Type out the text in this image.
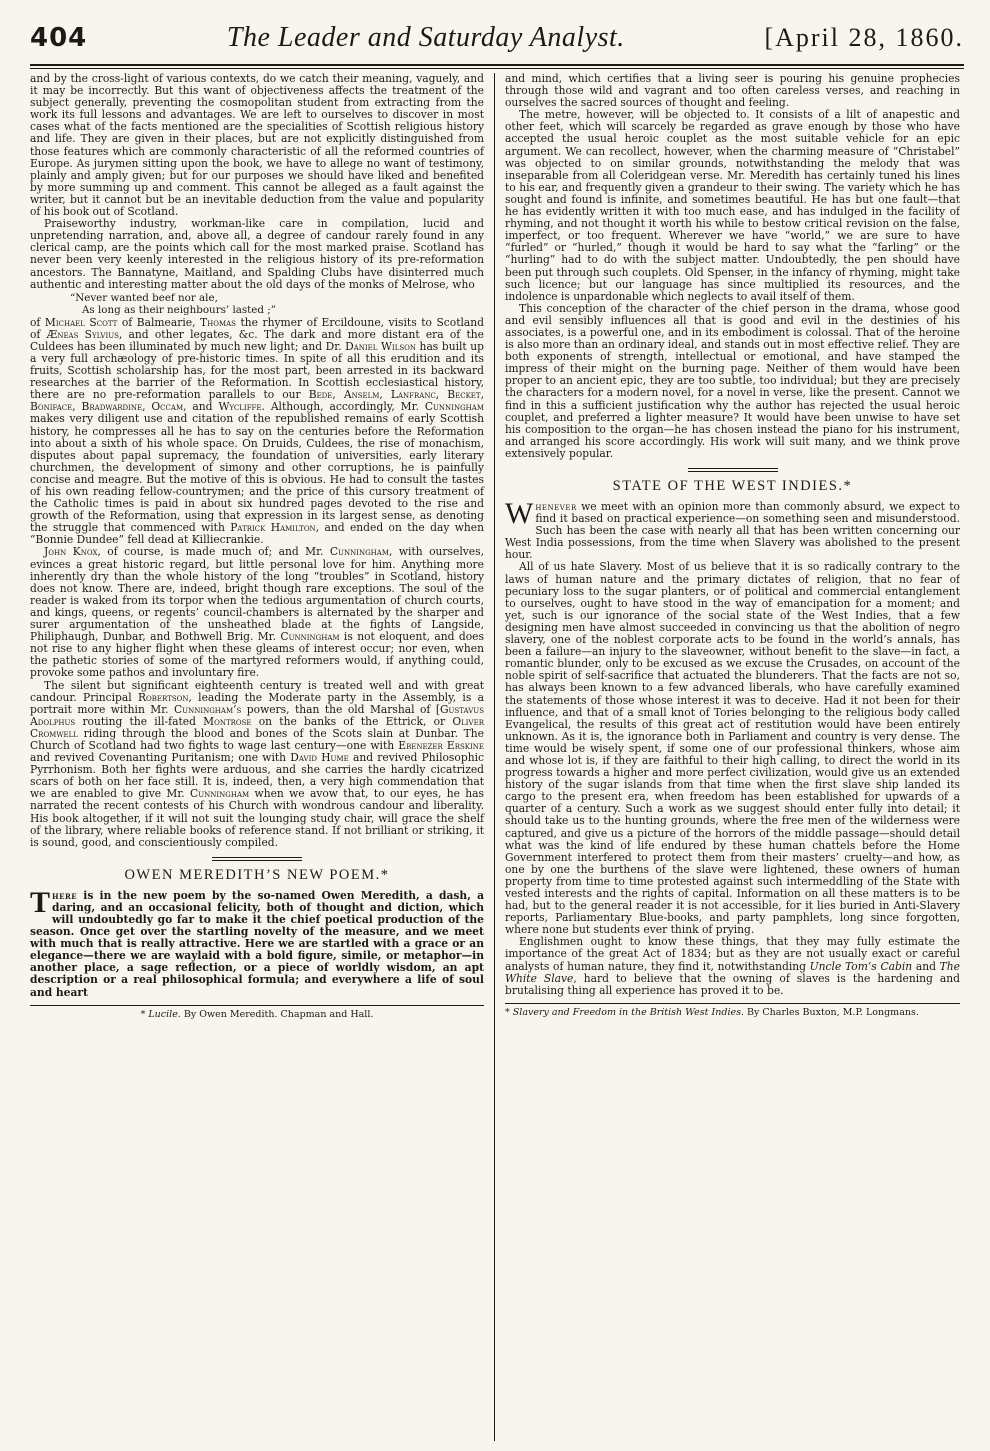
404	The Leader and Saturday Analyst.	[April 28, 1860.

and by the cross-light of various contexts, do we catch their meaning, vaguely, and it may be incorrectly. But this want of objectiveness affects the treatment of the subject generally, preventing the cosmopolitan student from extracting from the work its full lessons and advantages. We are left to ourselves to discover in most cases what of the facts mentioned are the specialities of Scottish religious history and life. They are given in their places, but are not explicitly distinguished from those features which are commonly characteristic of all the reformed countries of Europe. As jurymen sitting upon the book, we have to allege no want of testimony, plainly and amply given; but for our purposes we should have liked and benefited by more summing up and comment. This cannot be alleged as a fault against the writer, but it cannot but be an inevitable deduction from the value and popularity of his book out of Scotland.

Praiseworthy industry, workman-like care in compilation, lucid and unpretending narration, and, above all, a degree of candour rarely found in any clerical camp, are the points which call for the most marked praise. Scotland has never been very keenly interested in the religious history of its pre-reformation ancestors. The Bannatyne, Maitland, and Spalding Clubs have disinterred much authentic and interesting matter about the old days of the monks of Melrose, who

“Never wanted beef nor ale,
As long as their neighbours’ lasted ;”

of Michael Scott of Balmearie, Thomas the rhymer of Ercildoune, visits to Scotland of Æneas Sylvius, and other legates, &c. The dark and more distant era of the Culdees has been illuminated by much new light; and Dr. Daniel Wilson has built up a very full archæology of pre-historic times. In spite of all this erudition and its fruits, Scottish scholarship has, for the most part, been arrested in its backward researches at the barrier of the Reformation. In Scottish ecclesiastical history, there are no pre-reformation parallels to our Bede, Anselm, Lanfranc, Becket, Boniface, Bradwardine, Occam, and Wycliffe. Although, accordingly, Mr. Cunningham makes very diligent use and citation of the republished remains of early Scottish history, he compresses all he has to say on the centuries before the Reformation into about a sixth of his whole space. On Druids, Culdees, the rise of monachism, disputes about papal supremacy, the foundation of universities, early literary churchmen, the development of simony and other corruptions, he is painfully concise and meagre. But the motive of this is obvious. He had to consult the tastes of his own reading fellow-countrymen; and the price of this cursory treatment of the Catholic times is paid in about six hundred pages devoted to the rise and growth of the Reformation, using that expression in its largest sense, as denoting the struggle that commenced with Patrick Hamilton, and ended on the day when “Bonnie Dundee” fell dead at Killiecrankie.

John Knox, of course, is made much of; and Mr. Cunningham, with ourselves, evinces a great historic regard, but little personal love for him. Anything more inherently dry than the whole history of the long “troubles” in Scotland, history does not know. There are, indeed, bright though rare exceptions. The soul of the reader is waked from its torpor when the tedious argumentation of church courts, and kings, queens, or regents’ council-chambers is alternated by the sharper and surer argumentation of the unsheathed blade at the fights of Langside, Philiphaugh, Dunbar, and Bothwell Brig. Mr. Cunningham is not eloquent, and does not rise to any higher flight when these gleams of interest occur; nor even, when the pathetic stories of some of the martyred reformers would, if anything could, provoke some pathos and involuntary fire.

The silent but significant eighteenth century is treated well and with great candour. Principal Robertson, leading the Moderate party in the Assembly, is a portrait more within Mr. Cunningham’s powers, than the old Marshal of [Gustavus Adolphus routing the ill-fated Montrose on the banks of the Ettrick, or Oliver Cromwell riding through the blood and bones of the Scots slain at Dunbar. The Church of Scotland had two fights to wage last century—one with Ebenezer Erskine and revived Covenanting Puritanism; one with David Hume and revived Philosophic Pyrrhonism. Both her fights were arduous, and she carries the hardly cicatrized scars of both on her face still. It is, indeed, then, a very high commendation that we are enabled to give Mr. Cunningham when we avow that, to our eyes, he has narrated the recent contests of his Church with wondrous candour and liberality. His book altogether, if it will not suit the lounging study chair, will grace the shelf of the library, where reliable books of reference stand. If not brilliant or striking, it is sound, good, and conscientiously compiled.

OWEN MEREDITH’S NEW POEM.*

There is in the new poem by the so-named Owen Meredith, a dash, a daring, and an occasional felicity, both of thought and diction, which will undoubtedly go far to make it the chief poetical production of the season. Once get over the startling novelty of the measure, and we meet with much that is really attractive. Here we are startled with a grace or an elegance—there we are waylaid with a bold figure, simile, or metaphor—in another place, a sage reflection, or a piece of worldly wisdom, an apt description or a real philosophical formula; and everywhere a life of soul and heart

* Lucile. By Owen Meredith. Chapman and Hall.

and mind, which certifies that a living seer is pouring his genuine prophecies through those wild and vagrant and too often careless verses, and reaching in ourselves the sacred sources of thought and feeling.

The metre, however, will be objected to. It consists of a lilt of anapestic and other feet, which will scarcely be regarded as grave enough by those who have accepted the usual heroic couplet as the most suitable vehicle for an epic argument. We can recollect, however, when the charming measure of “Christabel” was objected to on similar grounds, notwithstanding the melody that was inseparable from all Coleridgean verse. Mr. Meredith has certainly tuned his lines to his ear, and frequently given a grandeur to their swing. The variety which he has sought and found is infinite, and sometimes beautiful. He has but one fault—that he has evidently written it with too much ease, and has indulged in the facility of rhyming, and not thought it worth his while to bestow critical revision on the false, imperfect, or too frequent. Wherever we have “world,” we are sure to have “furled” or “hurled,” though it would be hard to say what the “farling” or the “hurling” had to do with the subject matter. Undoubtedly, the pen should have been put through such couplets. Old Spenser, in the infancy of rhyming, might take such licence; but our language has since multiplied its resources, and the indolence is unpardonable which neglects to avail itself of them.

This conception of the character of the chief person in the drama, whose good and evil sensibly influences all that is good and evil in the destinies of his associates, is a powerful one, and in its embodiment is colossal. That of the heroine is also more than an ordinary ideal, and stands out in most effective relief. They are both exponents of strength, intellectual or emotional, and have stamped the impress of their might on the burning page. Neither of them would have been proper to an ancient epic, they are too subtle, too individual; but they are precisely the characters for a modern novel, for a novel in verse, like the present. Cannot we find in this a sufficient justification why the author has rejected the usual heroic couplet, and preferred a lighter measure? It would have been unwise to have set his composition to the organ—he has chosen instead the piano for his instrument, and arranged his score accordingly. His work will suit many, and we think prove extensively popular.

STATE OF THE WEST INDIES.*

Whenever we meet with an opinion more than commonly absurd, we expect to find it based on practical experience—on something seen and misunderstood. Such has been the case with nearly all that has been written concerning our West India possessions, from the time when Slavery was abolished to the present hour.

All of us hate Slavery. Most of us believe that it is so radically contrary to the laws of human nature and the primary dictates of religion, that no fear of pecuniary loss to the sugar planters, or of political and commercial entanglement to ourselves, ought to have stood in the way of emancipation for a moment; and yet, such is our ignorance of the social state of the West Indies, that a few designing men have almost succeeded in convincing us that the abolition of negro slavery, one of the noblest corporate acts to be found in the world’s annals, has been a failure—an injury to the slaveowner, without benefit to the slave—in fact, a romantic blunder, only to be excused as we excuse the Crusades, on account of the noble spirit of self-sacrifice that actuated the blunderers. That the facts are not so, has always been known to a few advanced liberals, who have carefully examined the statements of those whose interest it was to deceive. Had it not been for their influence, and that of a small knot of Tories belonging to the religious body called Evangelical, the results of this great act of restitution would have been entirely unknown. As it is, the ignorance both in Parliament and country is very dense. The time would be wisely spent, if some one of our professional thinkers, whose aim and whose lot is, if they are faithful to their high calling, to direct the world in its progress towards a higher and more perfect civilization, would give us an extended history of the sugar islands from that time when the first slave ship landed its cargo to the present era, when freedom has been established for upwards of a quarter of a century. Such a work as we suggest should enter fully into detail; it should take us to the hunting grounds, where the free men of the wilderness were captured, and give us a picture of the horrors of the middle passage—should detail what was the kind of life endured by these human chattels before the Home Government interfered to protect them from their masters’ cruelty—and how, as one by one the burthens of the slave were lightened, these owners of human property from time to time protested against such intermeddling of the State with vested interests and the rights of capital. Information on all these matters is to be had, but to the general reader it is not accessible, for it lies buried in Anti-Slavery reports, Parliamentary Blue-books, and party pamphlets, long since forgotten, where none but students ever think of prying.

Englishmen ought to know these things, that they may fully estimate the importance of the great Act of 1834; but as they are not usually exact or careful analysts of human nature, they find it, notwithstanding Uncle Tom’s Cabin and The White Slave, hard to believe that the owning of slaves is the hardening and brutalising thing all experience has proved it to be.

* Slavery and Freedom in the British West Indies. By Charles Buxton, M.P. Longmans.
